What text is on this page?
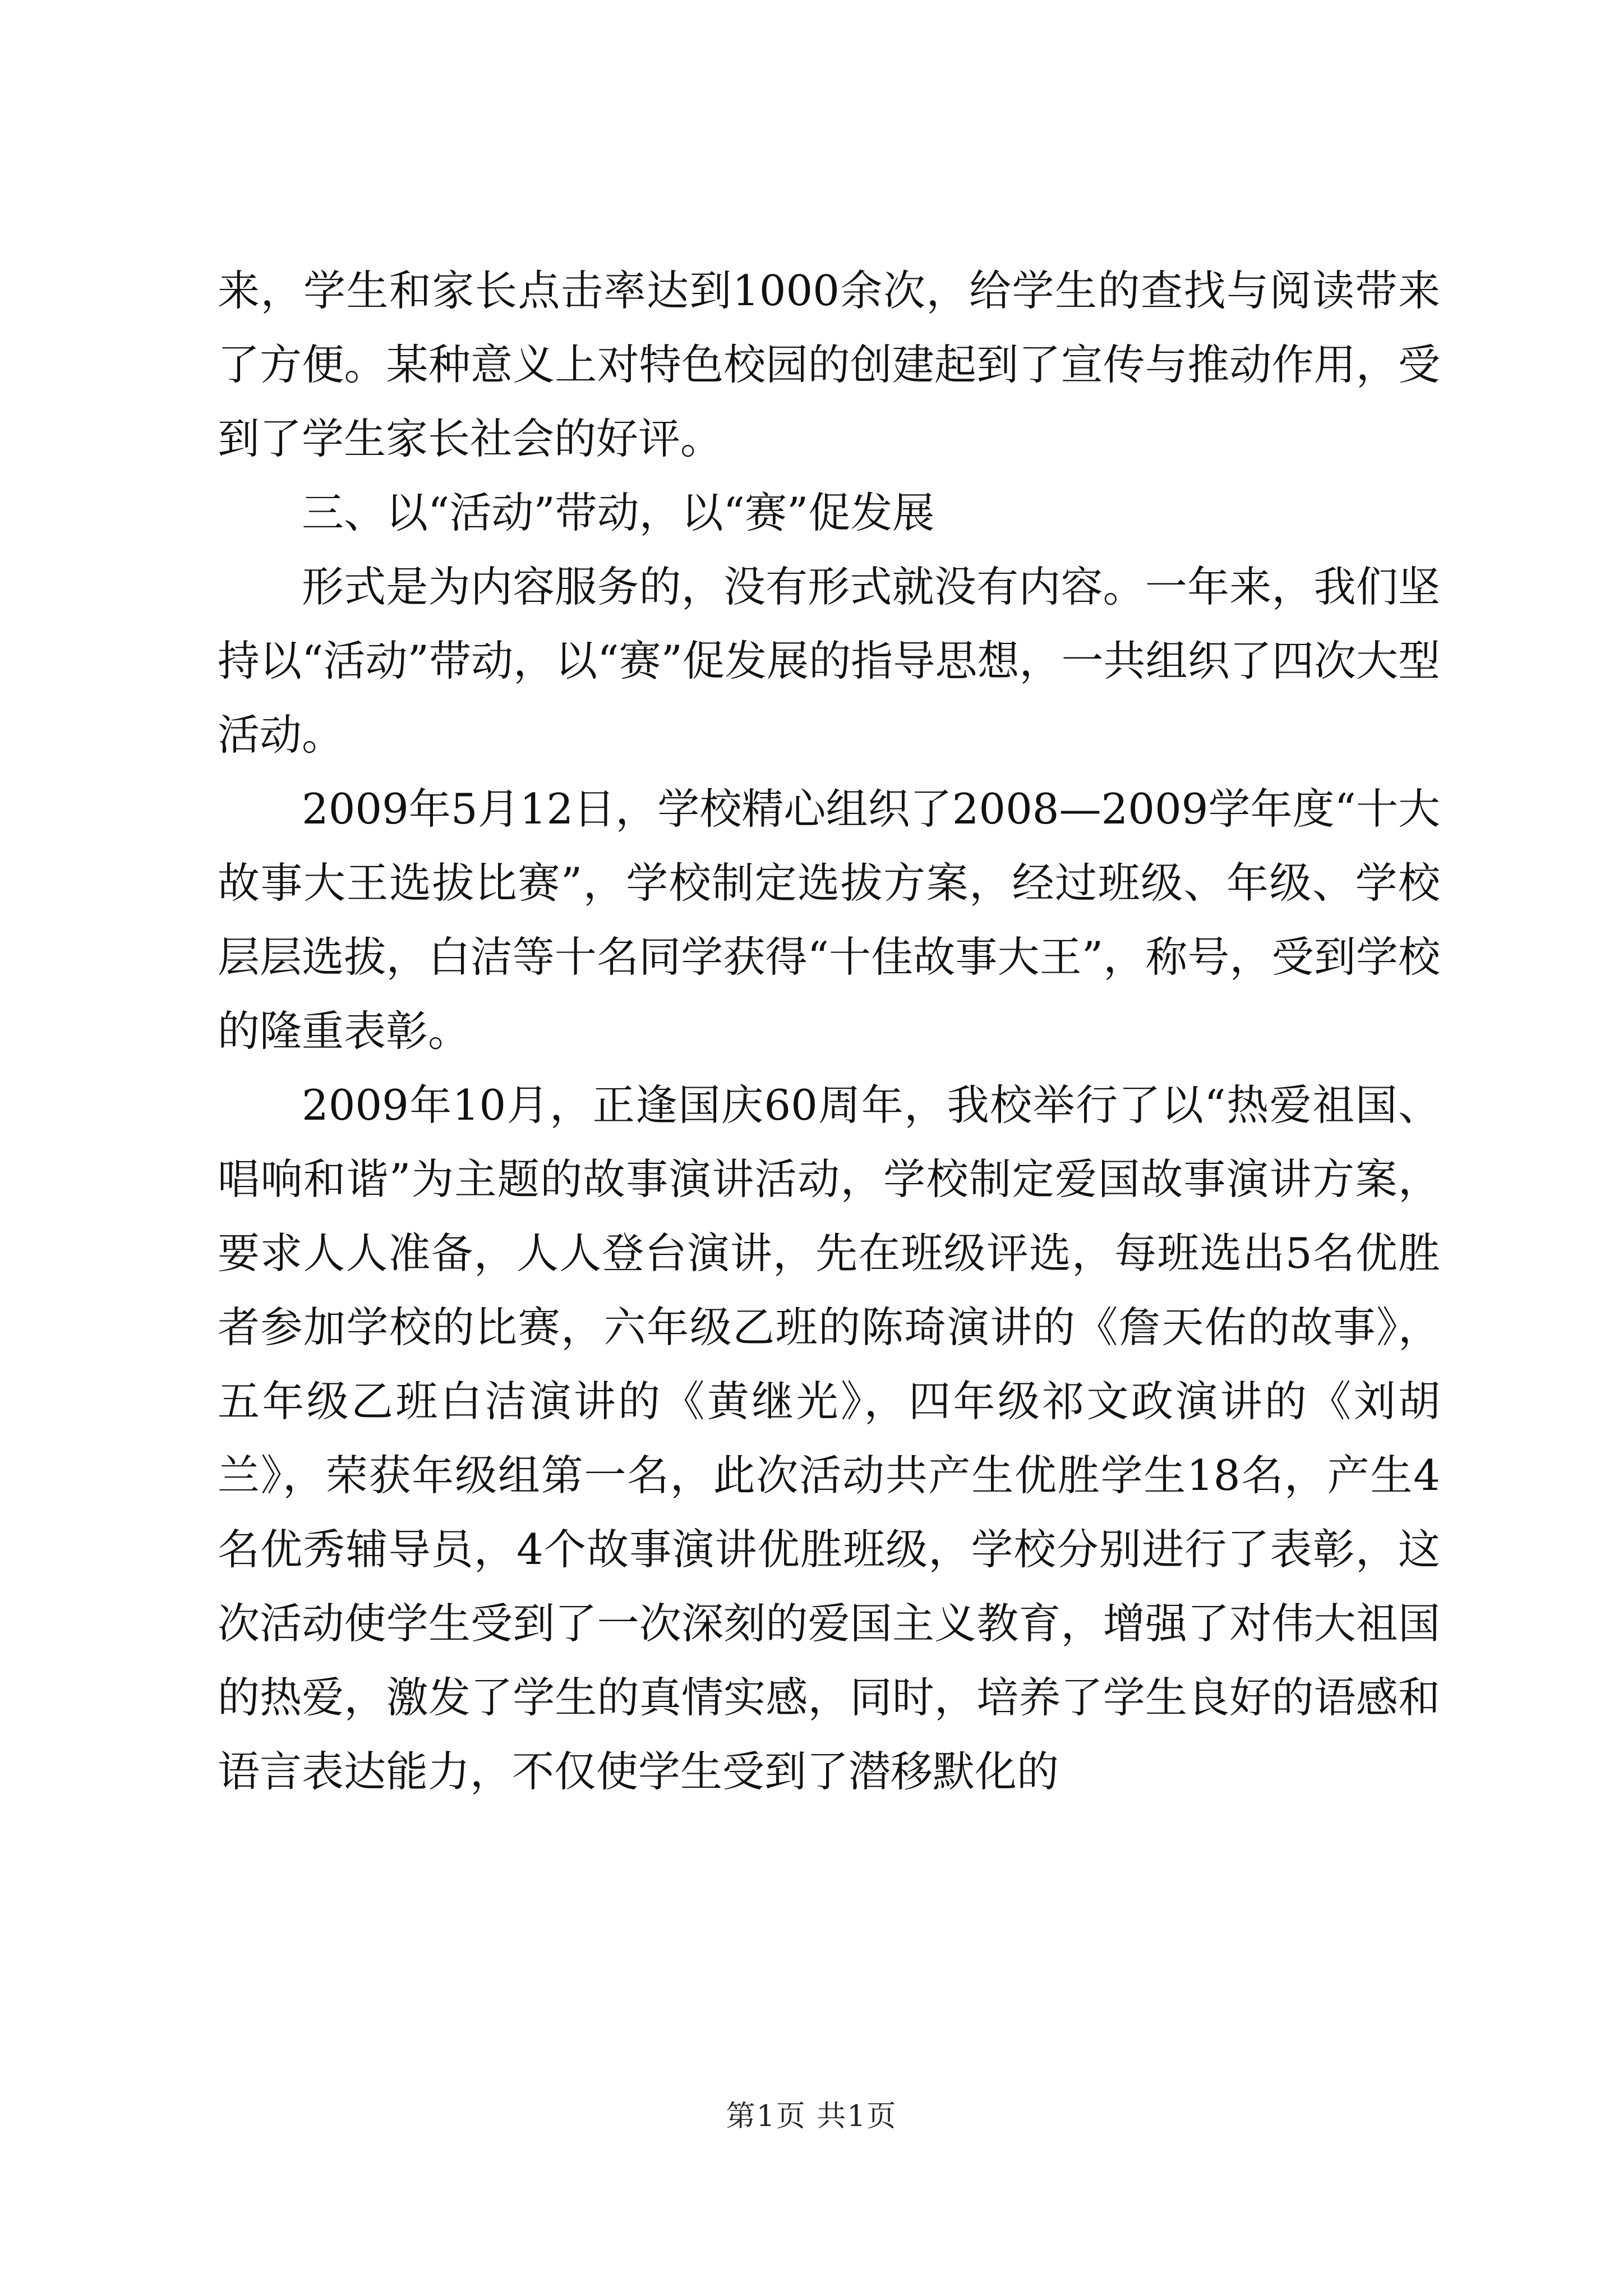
来，学生和家长点击率达到1000余次，给学生的查找与阅读带来了方便。某种意义上对特色校园的创建起到了宣传与推动作用，受到了学生家长社会的好评。

三、以“活动”带动，以“赛”促发展

形式是为内容服务的，没有形式就没有内容。一年来，我们坚持以“活动”带动，以“赛”促发展的指导思想，一共组织了四次大型活动。

2009年5月12日，学校精心组织了2008—2009学年度“十大故事大王选拔比赛”，学校制定选拔方案，经过班级、年级、学校层层选拔，白洁等十名同学获得“十佳故事大王”，称号，受到学校的隆重表彰。

2009年10月，正逢国庆60周年，我校举行了以“热爱祖国、唱响和谐”为主题的故事演讲活动，学校制定爱国故事演讲方案，要求人人准备，人人登台演讲，先在班级评选，每班选出5名优胜者参加学校的比赛，六年级乙班的陈琦演讲的《詹天佑的故事》，五年级乙班白洁演讲的《黄继光》，四年级祁文政演讲的《刘胡兰》，荣获年级组第一名，此次活动共产生优胜学生18名，产生4名优秀辅导员，4个故事演讲优胜班级，学校分别进行了表彰，这次活动使学生受到了一次深刻的爱国主义教育，增强了对伟大祖国的热爱，激发了学生的真情实感，同时，培养了学生良好的语感和语言表达能力，不仅使学生受到了潜移默化的

第1页 共1页
